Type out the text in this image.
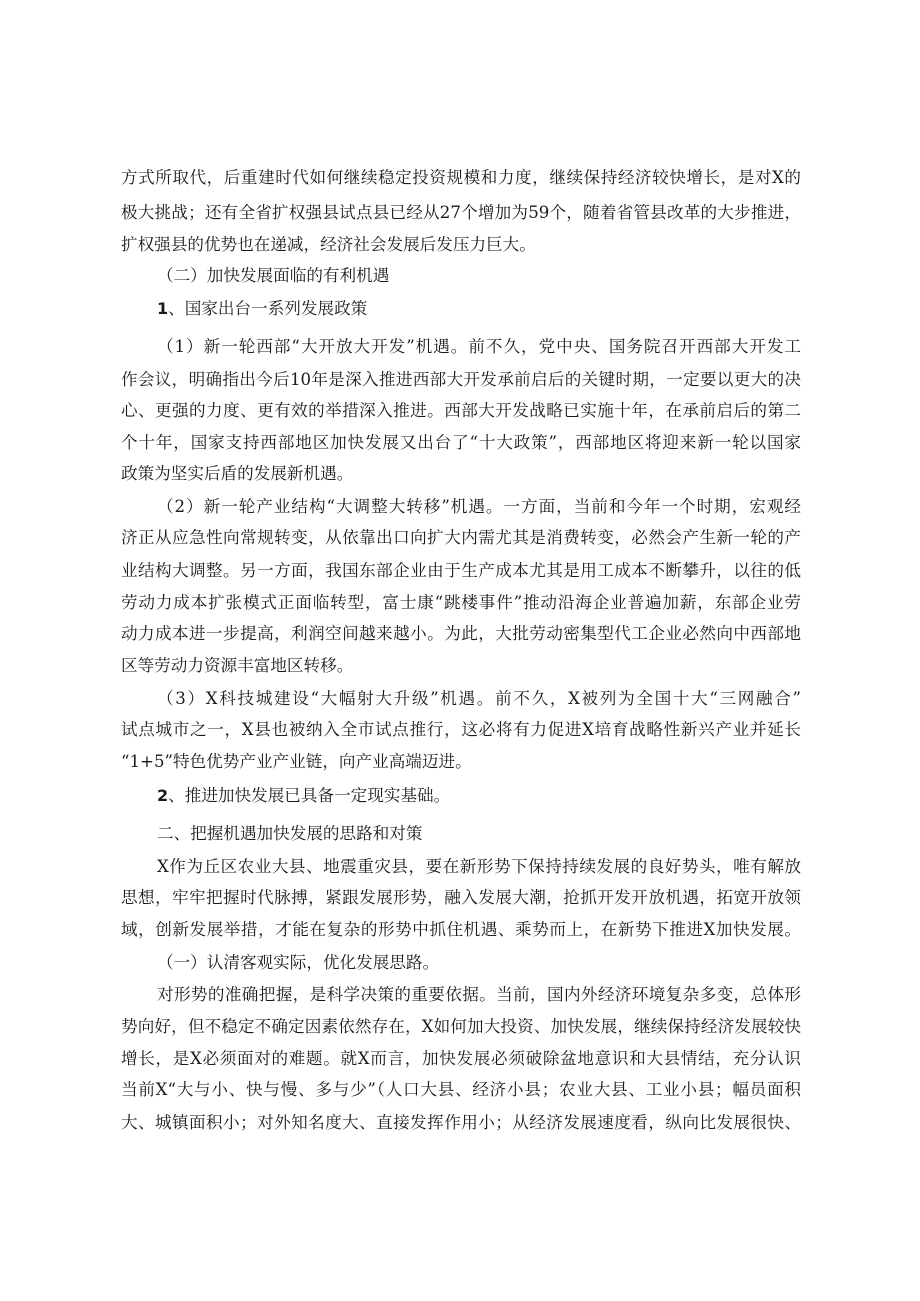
方式所取代，后重建时代如何继续稳定投资规模和力度，继续保持经济较快增长，是对X的
极大挑战；还有全省扩权强县试点县已经从27个增加为59个，随着省管县改革的大步推进，
扩权强县的优势也在递减，经济社会发展后发压力巨大。
（二）加快发展面临的有利机遇
1、国家出台一系列发展政策
（1）新一轮西部“大开放大开发”机遇。前不久，党中央、国务院召开西部大开发工
作会议，明确指出今后10年是深入推进西部大开发承前启后的关键时期，一定要以更大的决
心、更强的力度、更有效的举措深入推进。西部大开发战略已实施十年，在承前启后的第二
个十年，国家支持西部地区加快发展又出台了“十大政策”，西部地区将迎来新一轮以国家
政策为坚实后盾的发展新机遇。
（2）新一轮产业结构“大调整大转移”机遇。一方面，当前和今年一个时期，宏观经
济正从应急性向常规转变，从依靠出口向扩大内需尤其是消费转变，必然会产生新一轮的产
业结构大调整。另一方面，我国东部企业由于生产成本尤其是用工成本不断攀升，以往的低
劳动力成本扩张模式正面临转型，富士康“跳楼事件”推动沿海企业普遍加薪，东部企业劳
动力成本进一步提高，利润空间越来越小。为此，大批劳动密集型代工企业必然向中西部地
区等劳动力资源丰富地区转移。
（3）X科技城建设“大幅射大升级”机遇。前不久，X被列为全国十大“三网融合”
试点城市之一，X县也被纳入全市试点推行，这必将有力促进X培育战略性新兴产业并延长
“1+5”特色优势产业产业链，向产业高端迈进。
2、推进加快发展已具备一定现实基础。
二、把握机遇加快发展的思路和对策
X作为丘区农业大县、地震重灾县，要在新形势下保持持续发展的良好势头，唯有解放
思想，牢牢把握时代脉搏，紧跟发展形势，融入发展大潮，抢抓开发开放机遇，拓宽开放领
域，创新发展举措，才能在复杂的形势中抓住机遇、乘势而上，在新势下推进X加快发展。
（一）认清客观实际，优化发展思路。
对形势的准确把握，是科学决策的重要依据。当前，国内外经济环境复杂多变，总体形
势向好，但不稳定不确定因素依然存在，X如何加大投资、加快发展，继续保持经济发展较快
增长，是X必须面对的难题。就X而言，加快发展必须破除盆地意识和大县情结，充分认识
当前X“大与小、快与慢、多与少”（人口大县、经济小县；农业大县、工业小县；幅员面积
大、城镇面积小；对外知名度大、直接发挥作用小；从经济发展速度看，纵向比发展很快、
